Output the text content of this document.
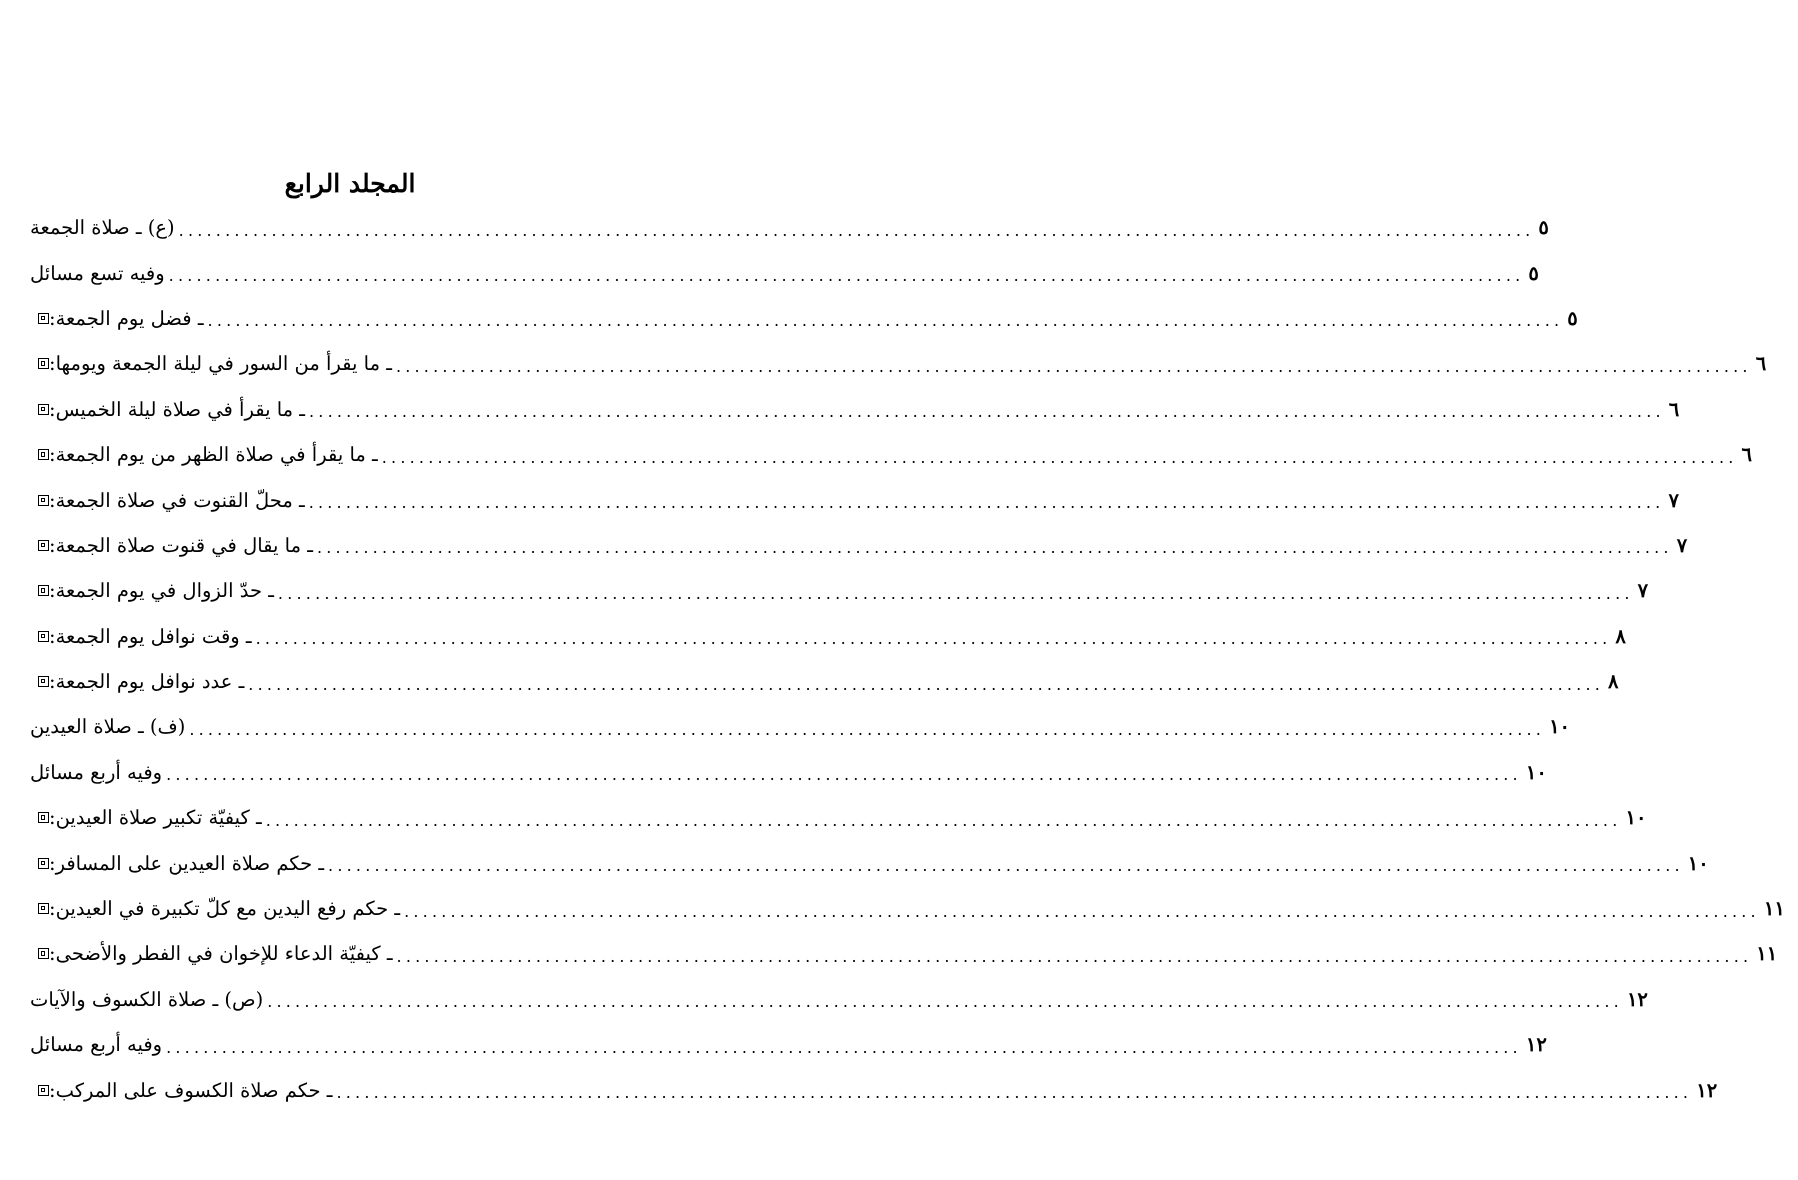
المجلد الرابع
(ع) ـ صلاة الجمعة .................................................................................................................................................. ٥
وفيه تسع مسائل .................................................................................................................................................. ٥
ـ فضل يوم الجمعة: .................................................................................................................................................. ٥
ـ ما يقرأ من السور في ليلة الجمعة ويومها: .................................................................................................................................................. ٦
ـ ما يقرأ في صلاة ليلة الخميس: .................................................................................................................................................. ٦
ـ ما يقرأ في صلاة الظهر من يوم الجمعة: .................................................................................................................................................. ٦
ـ محلّ القنوت في صلاة الجمعة: .................................................................................................................................................. ٧
ـ ما يقال في قنوت صلاة الجمعة: .................................................................................................................................................. ٧
ـ حدّ الزوال في يوم الجمعة: .................................................................................................................................................. ٧
ـ وقت نوافل يوم الجمعة: .................................................................................................................................................. ٨
ـ عدد نوافل يوم الجمعة: .................................................................................................................................................. ٨
(ف) ـ صلاة العيدين .................................................................................................................................................. ١٠
وفيه أربع مسائل .................................................................................................................................................. ١٠
ـ كيفيّة تكبير صلاة العيدين: .................................................................................................................................................. ١٠
ـ حكم صلاة العيدين على المسافر: .................................................................................................................................................. ١٠
ـ حكم رفع اليدين مع كلّ تكبيرة في العيدين: .................................................................................................................................................. ١١
ـ كيفيّة الدعاء للإخوان في الفطر والأضحى: .................................................................................................................................................. ١١
(ص) ـ صلاة الكسوف والآيات .................................................................................................................................................. ١٢
وفيه أربع مسائل .................................................................................................................................................. ١٢
ـ حكم صلاة الكسوف على المركب: .................................................................................................................................................. ١٢
